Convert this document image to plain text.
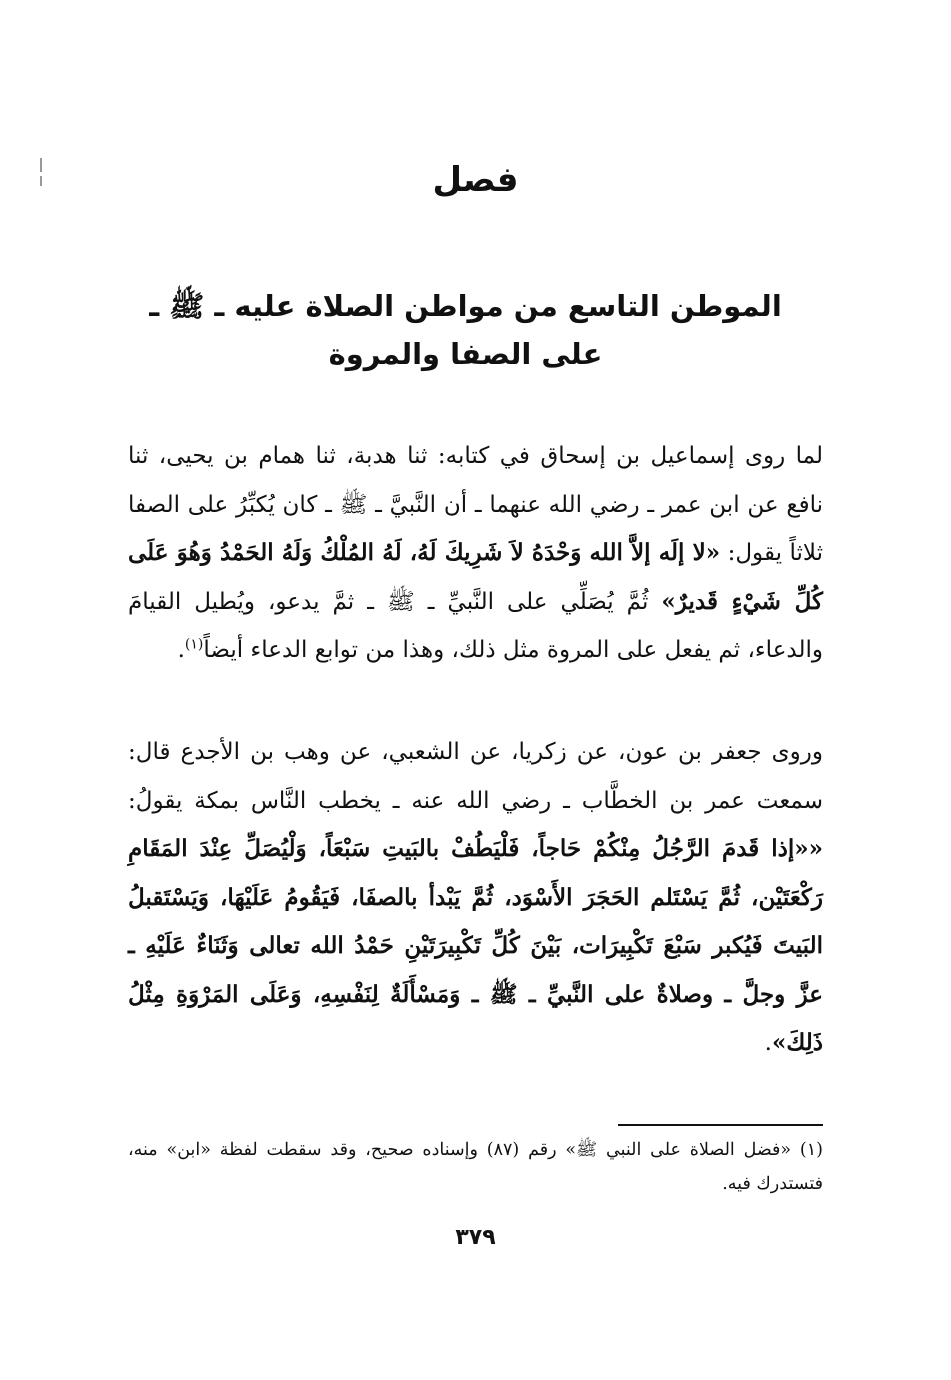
فصل
الموطن التاسع من مواطن الصلاة عليه ـ ﷺ ـ
على الصفا والمروة

لما روى إسماعيل بن إسحاق في كتابه: ثنا هدبة، ثنا همام بن يحيى، ثنا نافع عن ابن عمر ـ رضي الله عنهما ـ أن النَّبيَّ ـ ﷺ ـ كان يُكبِّرُ على الصفا ثلاثاً يقول: «لا إلَه إلاَّ الله وَحْدَهُ لاَ شَرِيكَ لَهُ، لَهُ المُلْكُ وَلَهُ الحَمْدُ وَهُوَ عَلَى كُلِّ شَيْءٍ قَديرٌ» ثُمَّ يُصَلِّي على النَّبيِّ ـ ﷺ ـ ثمَّ يدعو، ويُطيل القيامَ والدعاء، ثم يفعل على المروة مثل ذلك، وهذا من توابع الدعاء أيضاً$^{(١)}$.

وروى جعفر بن عون، عن زكريا، عن الشعبي، عن وهب بن الأجدع قال: سمعت عمر بن الخطَّاب ـ رضي الله عنه ـ يخطب النَّاس بمكة يقولُ: ««إذا قَدمَ الرَّجُلُ مِنْكُمْ حَاجاً، فَلْيَطُفْ بالبَيتِ سَبْعَاً، وَلْيُصَلِّ عِنْدَ المَقَامِ رَكْعَتَيْن، ثُمَّ يَسْتَلم الحَجَرَ الأَسْوَد، ثُمَّ يَبْدأ بالصفَا، فَيَقُومُ عَلَيْهَا، وَيَسْتَقبلُ البَيتَ فَيُكبر سَبْعَ تَكْبِيرَات، بَيْنَ كُلِّ تَكْبِيرَتَيْنِ حَمْدُ الله تعالى وَثَنَاءٌ عَلَيْهِ ـ عزَّ وجلَّ ـ وصلاةٌ على النَّبيِّ ـ ﷺ ـ وَمَسْأَلَةٌ لِنَفْسِهِ، وَعَلَى المَرْوَةِ مِثْلُ ذَلِكَ».

(١) «فضل الصلاة على النبي ﷺ» رقم (٨٧) وإسناده صحيح، وقد سقطت لفظة «ابن» منه، فتستدرك فيه.

٣٧٩
